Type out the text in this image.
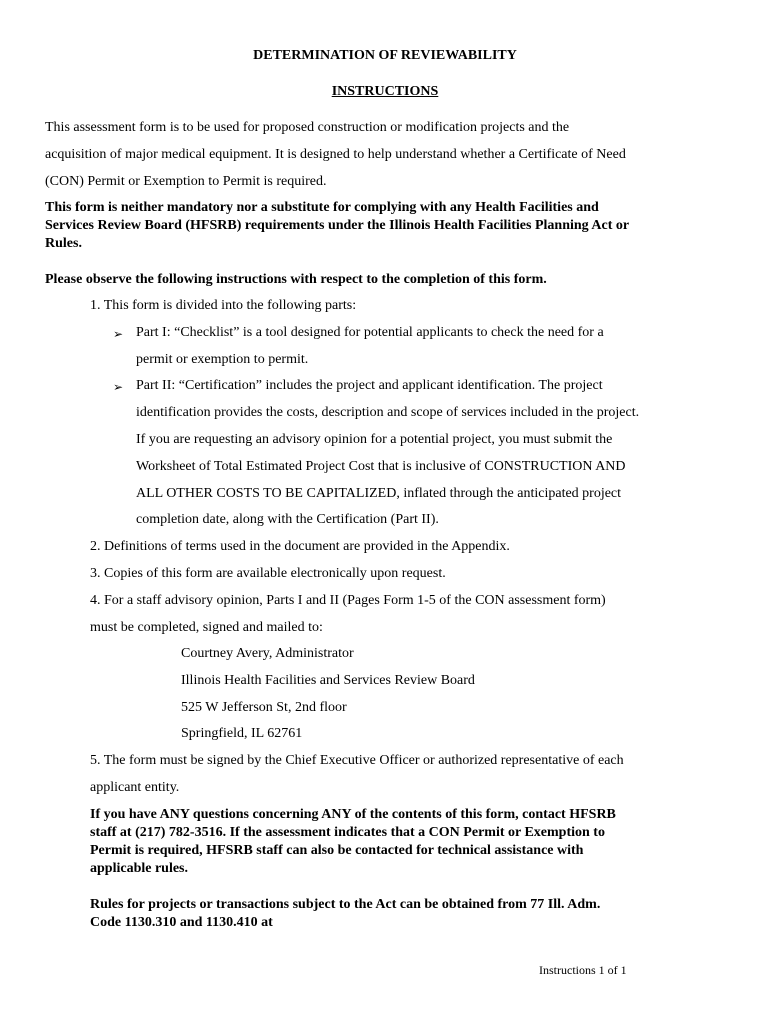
DETERMINATION OF REVIEWABILITY
INSTRUCTIONS
This assessment form is to be used for proposed construction or modification projects and the
acquisition of major medical equipment. It is designed to help understand whether a Certificate of Need
(CON) Permit or Exemption to Permit is required.
This form is neither mandatory nor a substitute for complying with any Health Facilities and
Services Review Board (HFSRB) requirements under the Illinois Health Facilities Planning Act or
Rules.
Please observe the following instructions with respect to the completion of this form.
1. This form is divided into the following parts:
➢ Part I: “Checklist” is a tool designed for potential applicants to check the need for a
permit or exemption to permit.
➢ Part II: “Certification” includes the project and applicant identification. The project
identification provides the costs, description and scope of services included in the project.
If you are requesting an advisory opinion for a potential project, you must submit the
Worksheet of Total Estimated Project Cost that is inclusive of CONSTRUCTION AND
ALL OTHER COSTS TO BE CAPITALIZED, inflated through the anticipated project
completion date, along with the Certification (Part II).
2. Definitions of terms used in the document are provided in the Appendix.
3. Copies of this form are available electronically upon request.
4. For a staff advisory opinion, Parts I and II (Pages Form 1-5 of the CON assessment form)
must be completed, signed and mailed to:
Courtney Avery, Administrator
Illinois Health Facilities and Services Review Board
525 W Jefferson St, 2nd floor
Springfield, IL 62761
5. The form must be signed by the Chief Executive Officer or authorized representative of each
applicant entity.
If you have ANY questions concerning ANY of the contents of this form, contact HFSRB
staff at (217) 782-3516. If the assessment indicates that a CON Permit or Exemption to
Permit is required, HFSRB staff can also be contacted for technical assistance with
applicable rules.
Rules for projects or transactions subject to the Act can be obtained from 77 Ill. Adm.
Code 1130.310 and 1130.410 at
Instructions 1 of 1
